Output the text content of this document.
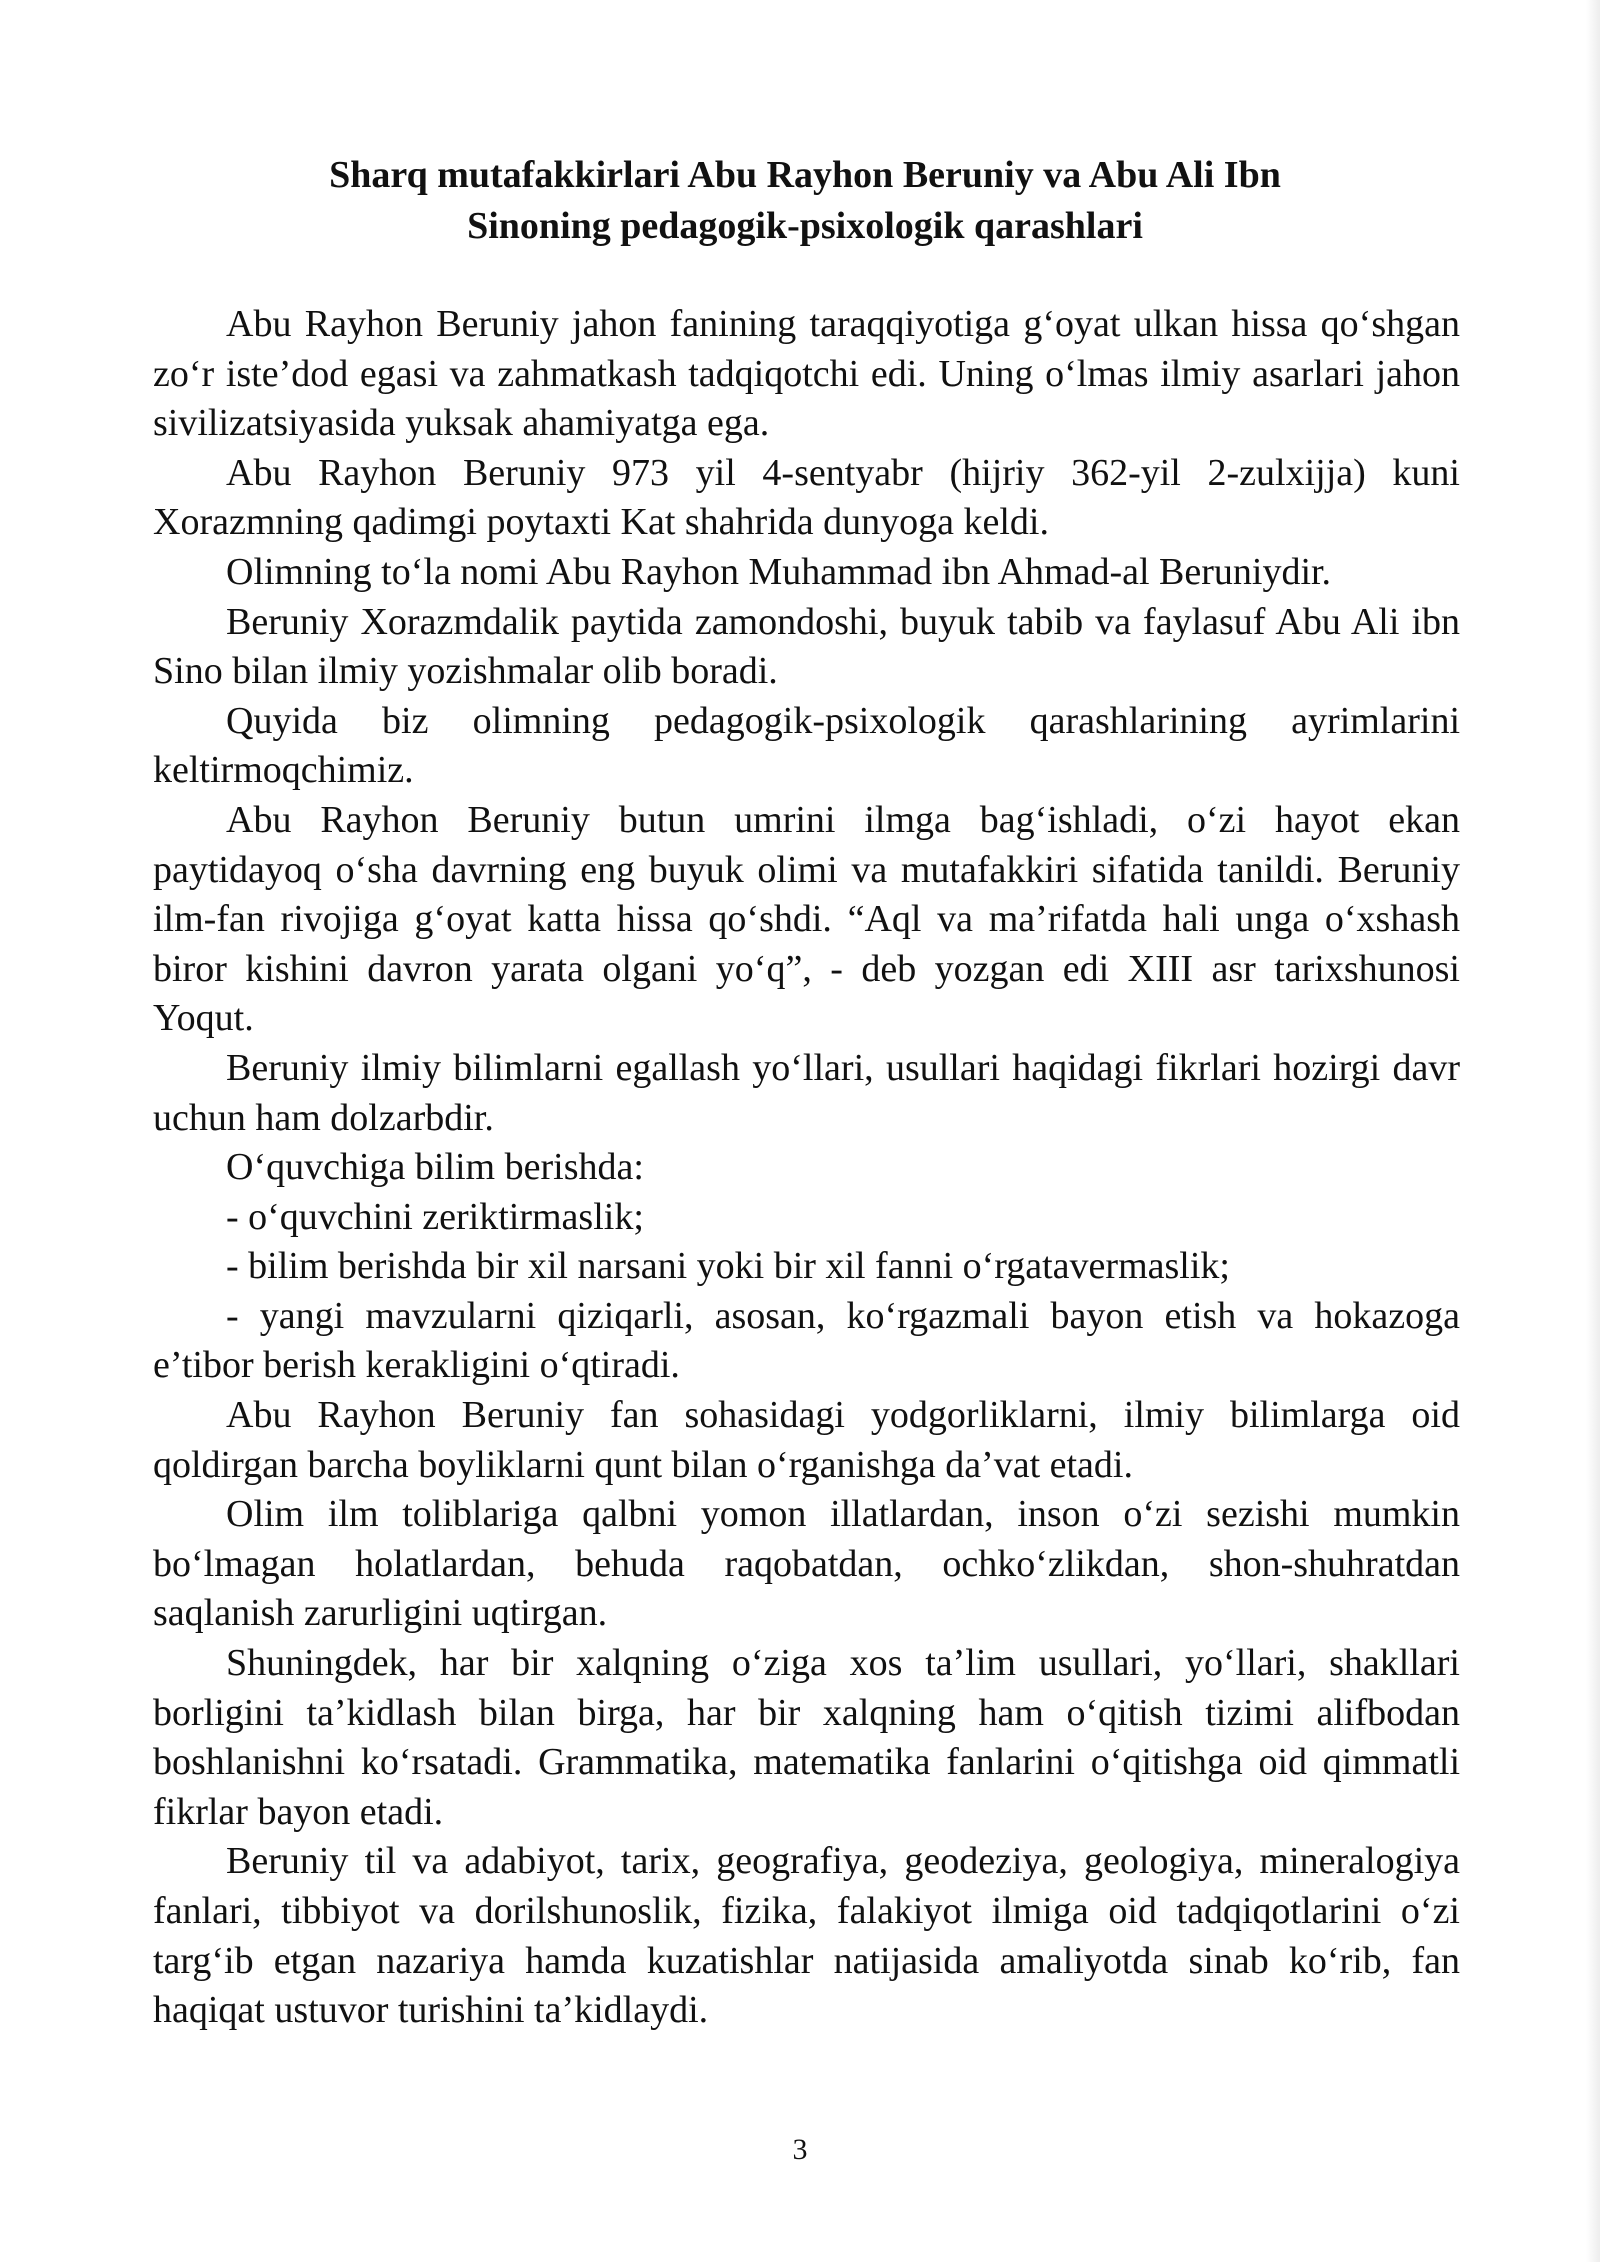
Sharq mutafakkirlari Abu Rayhon Beruniy va Abu Ali Ibn
Sinoning pedagogik-psixologik qarashlari

Abu Rayhon Beruniy jahon fanining taraqqiyotiga g‘oyat ulkan hissa qo‘shgan zo‘r iste’dod egasi va zahmatkash tadqiqotchi edi. Uning o‘lmas ilmiy asarlari jahon sivilizatsiyasida yuksak ahamiyatga ega.

Abu Rayhon Beruniy 973 yil 4-sentyabr (hijriy 362-yil 2-zulxijja) kuni Xorazmning qadimgi poytaxti Kat shahrida dunyoga keldi.

Olimning to‘la nomi Abu Rayhon Muhammad ibn Ahmad-al Beruniydir.

Beruniy Xorazmdalik paytida zamondoshi, buyuk tabib va faylasuf Abu Ali ibn Sino bilan ilmiy yozishmalar olib boradi.

Quyida biz olimning pedagogik-psixologik qarashlarining ayrimlarini keltirmoqchimiz.

Abu Rayhon Beruniy butun umrini ilmga bag‘ishladi, o‘zi hayot ekan paytidayoq o‘sha davrning eng buyuk olimi va mutafakkiri sifatida tanildi. Beruniy ilm-fan rivojiga g‘oyat katta hissa qo‘shdi. “Aql va ma’rifatda hali unga o‘xshash biror kishini davron yarata olgani yo‘q”, - deb yozgan edi XIII asr tarixshunosi Yoqut.

Beruniy ilmiy bilimlarni egallash yo‘llari, usullari haqidagi fikrlari hozirgi davr uchun ham dolzarbdir.

O‘quvchiga bilim berishda:

- o‘quvchini zeriktirmaslik;

- bilim berishda bir xil narsani yoki bir xil fanni o‘rgatavermaslik;

- yangi mavzularni qiziqarli, asosan, ko‘rgazmali bayon etish va hokazoga e’tibor berish kerakligini o‘qtiradi.

Abu Rayhon Beruniy fan sohasidagi yodgorliklarni, ilmiy bilimlarga oid qoldirgan barcha boyliklarni qunt bilan o‘rganishga da’vat etadi.

Olim ilm toliblariga qalbni yomon illatlardan, inson o‘zi sezishi mumkin bo‘lmagan holatlardan, behuda raqobatdan, ochko‘zlikdan, shon-shuhratdan saqlanish zarurligini uqtirgan.

Shuningdek, har bir xalqning o‘ziga xos ta’lim usullari, yo‘llari, shakllari borligini ta’kidlash bilan birga, har bir xalqning ham o‘qitish tizimi alifbodan boshlanishni ko‘rsatadi. Grammatika, matematika fanlarini o‘qitishga oid qimmatli fikrlar bayon etadi.

Beruniy til va adabiyot, tarix, geografiya, geodeziya, geologiya, mineralogiya fanlari, tibbiyot va dorilshunoslik, fizika, falakiyot ilmiga oid tadqiqotlarini o‘zi targ‘ib etgan nazariya hamda kuzatishlar natijasida amaliyotda sinab ko‘rib, fan haqiqat ustuvor turishini ta’kidlaydi.

3
